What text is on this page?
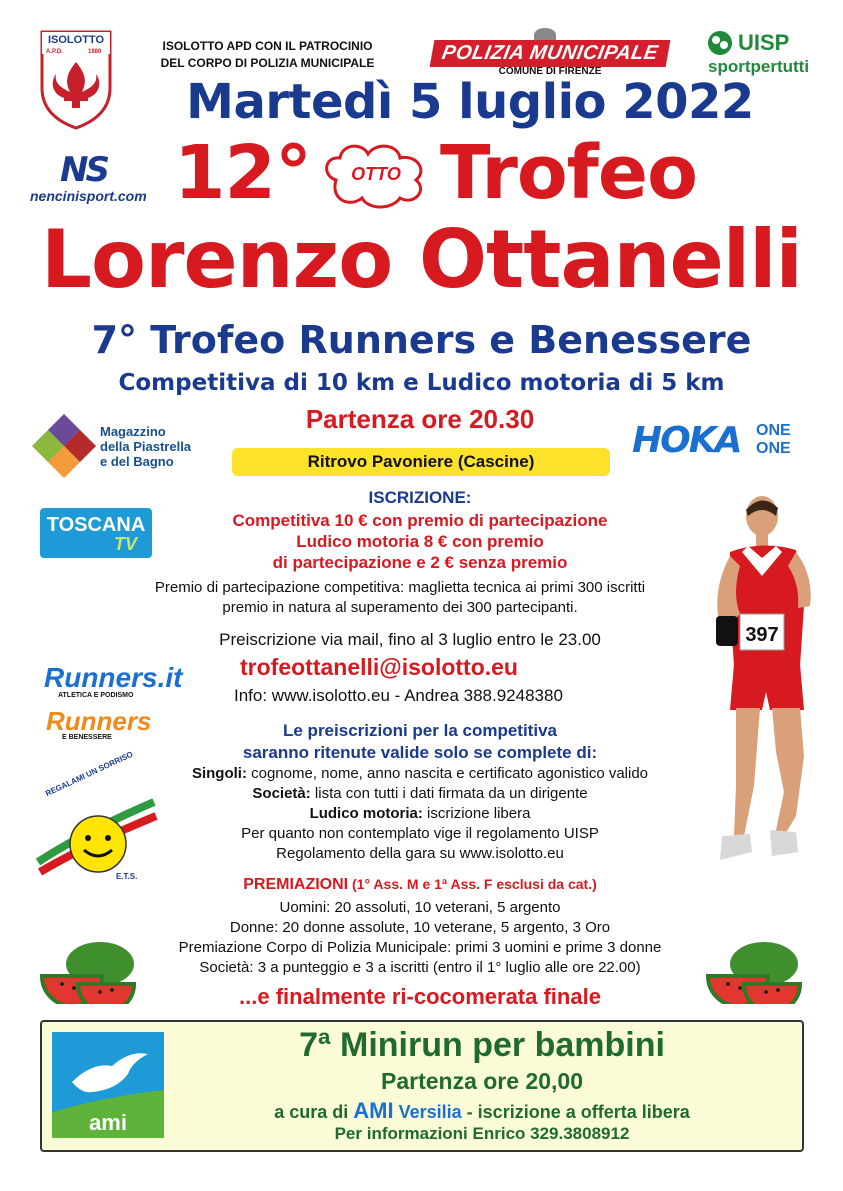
ISOLOTTO
A.P.D.	1980	ISOLOTTO APD CON IL PATROCINIO
DEL CORPO DI POLIZIA MUNICIPALE	POLIZIA MUNICIPALE
COMUNE DI FIRENZE
UISP
sportpertutti
Martedì 5 luglio 2022
NS
nencinisport.com 12°	OTTO Trofeo
Lorenzo Ottanelli
7° Trofeo Runners e Benessere
Competitiva di 10 km e Ludico motoria di 5 km
Magazzino
della Piastrella
e del Bagno
Partenza ore 20.30
Ritrovo Pavoniere (Cascine)
HOKA ONE
ONE
ISCRIZIONE:
Competitiva 10 € con premio di partecipazione
Ludico motoria 8 € con premio
di partecipazione e 2 € senza premio
TOSCANA
TV
Premio di partecipazione competitiva: maglietta tecnica ai primi 300 iscritti
premio in natura al superamento dei 300 partecipanti.
Preiscrizione via mail, fino al 3 luglio entro le 23.00
trofeottanelli@isolotto.eu
Info: www.isolotto.eu - Andrea 388.9248380
Runners.it
ATLETICA E PODISMO
Runners
E BENESSERE	Le preiscrizioni per la competitiva
saranno ritenute valide solo se complete di:
Singoli: cognome, nome, anno nascita e certificato agonistico valido
Società: lista con tutti i dati firmata da un dirigente
Ludico motoria: iscrizione libera
Per quanto non contemplato vige il regolamento UISP
Regolamento della gara su www.isolotto.eu
REGALAMI UN SORRISO
E.T.S.
397
PREMIAZIONI (1° Ass. M e 1ª Ass. F esclusi da cat.)
Uomini: 20 assoluti, 10 veterani, 5 argento
Donne: 20 donne assolute, 10 veterane, 5 argento, 3 Oro
Premiazione Corpo di Polizia Municipale: primi 3 uomini e prime 3 donne
Società: 3 a punteggio e 3 a iscritti (entro il 1° luglio alle ore 22.00)
...e finalmente ri-cocomerata finale
ami
7ª Minirun per bambini
Partenza ore 20,00
a cura di AMI Versilia - iscrizione a offerta libera
Per informazioni Enrico 329.3808912
